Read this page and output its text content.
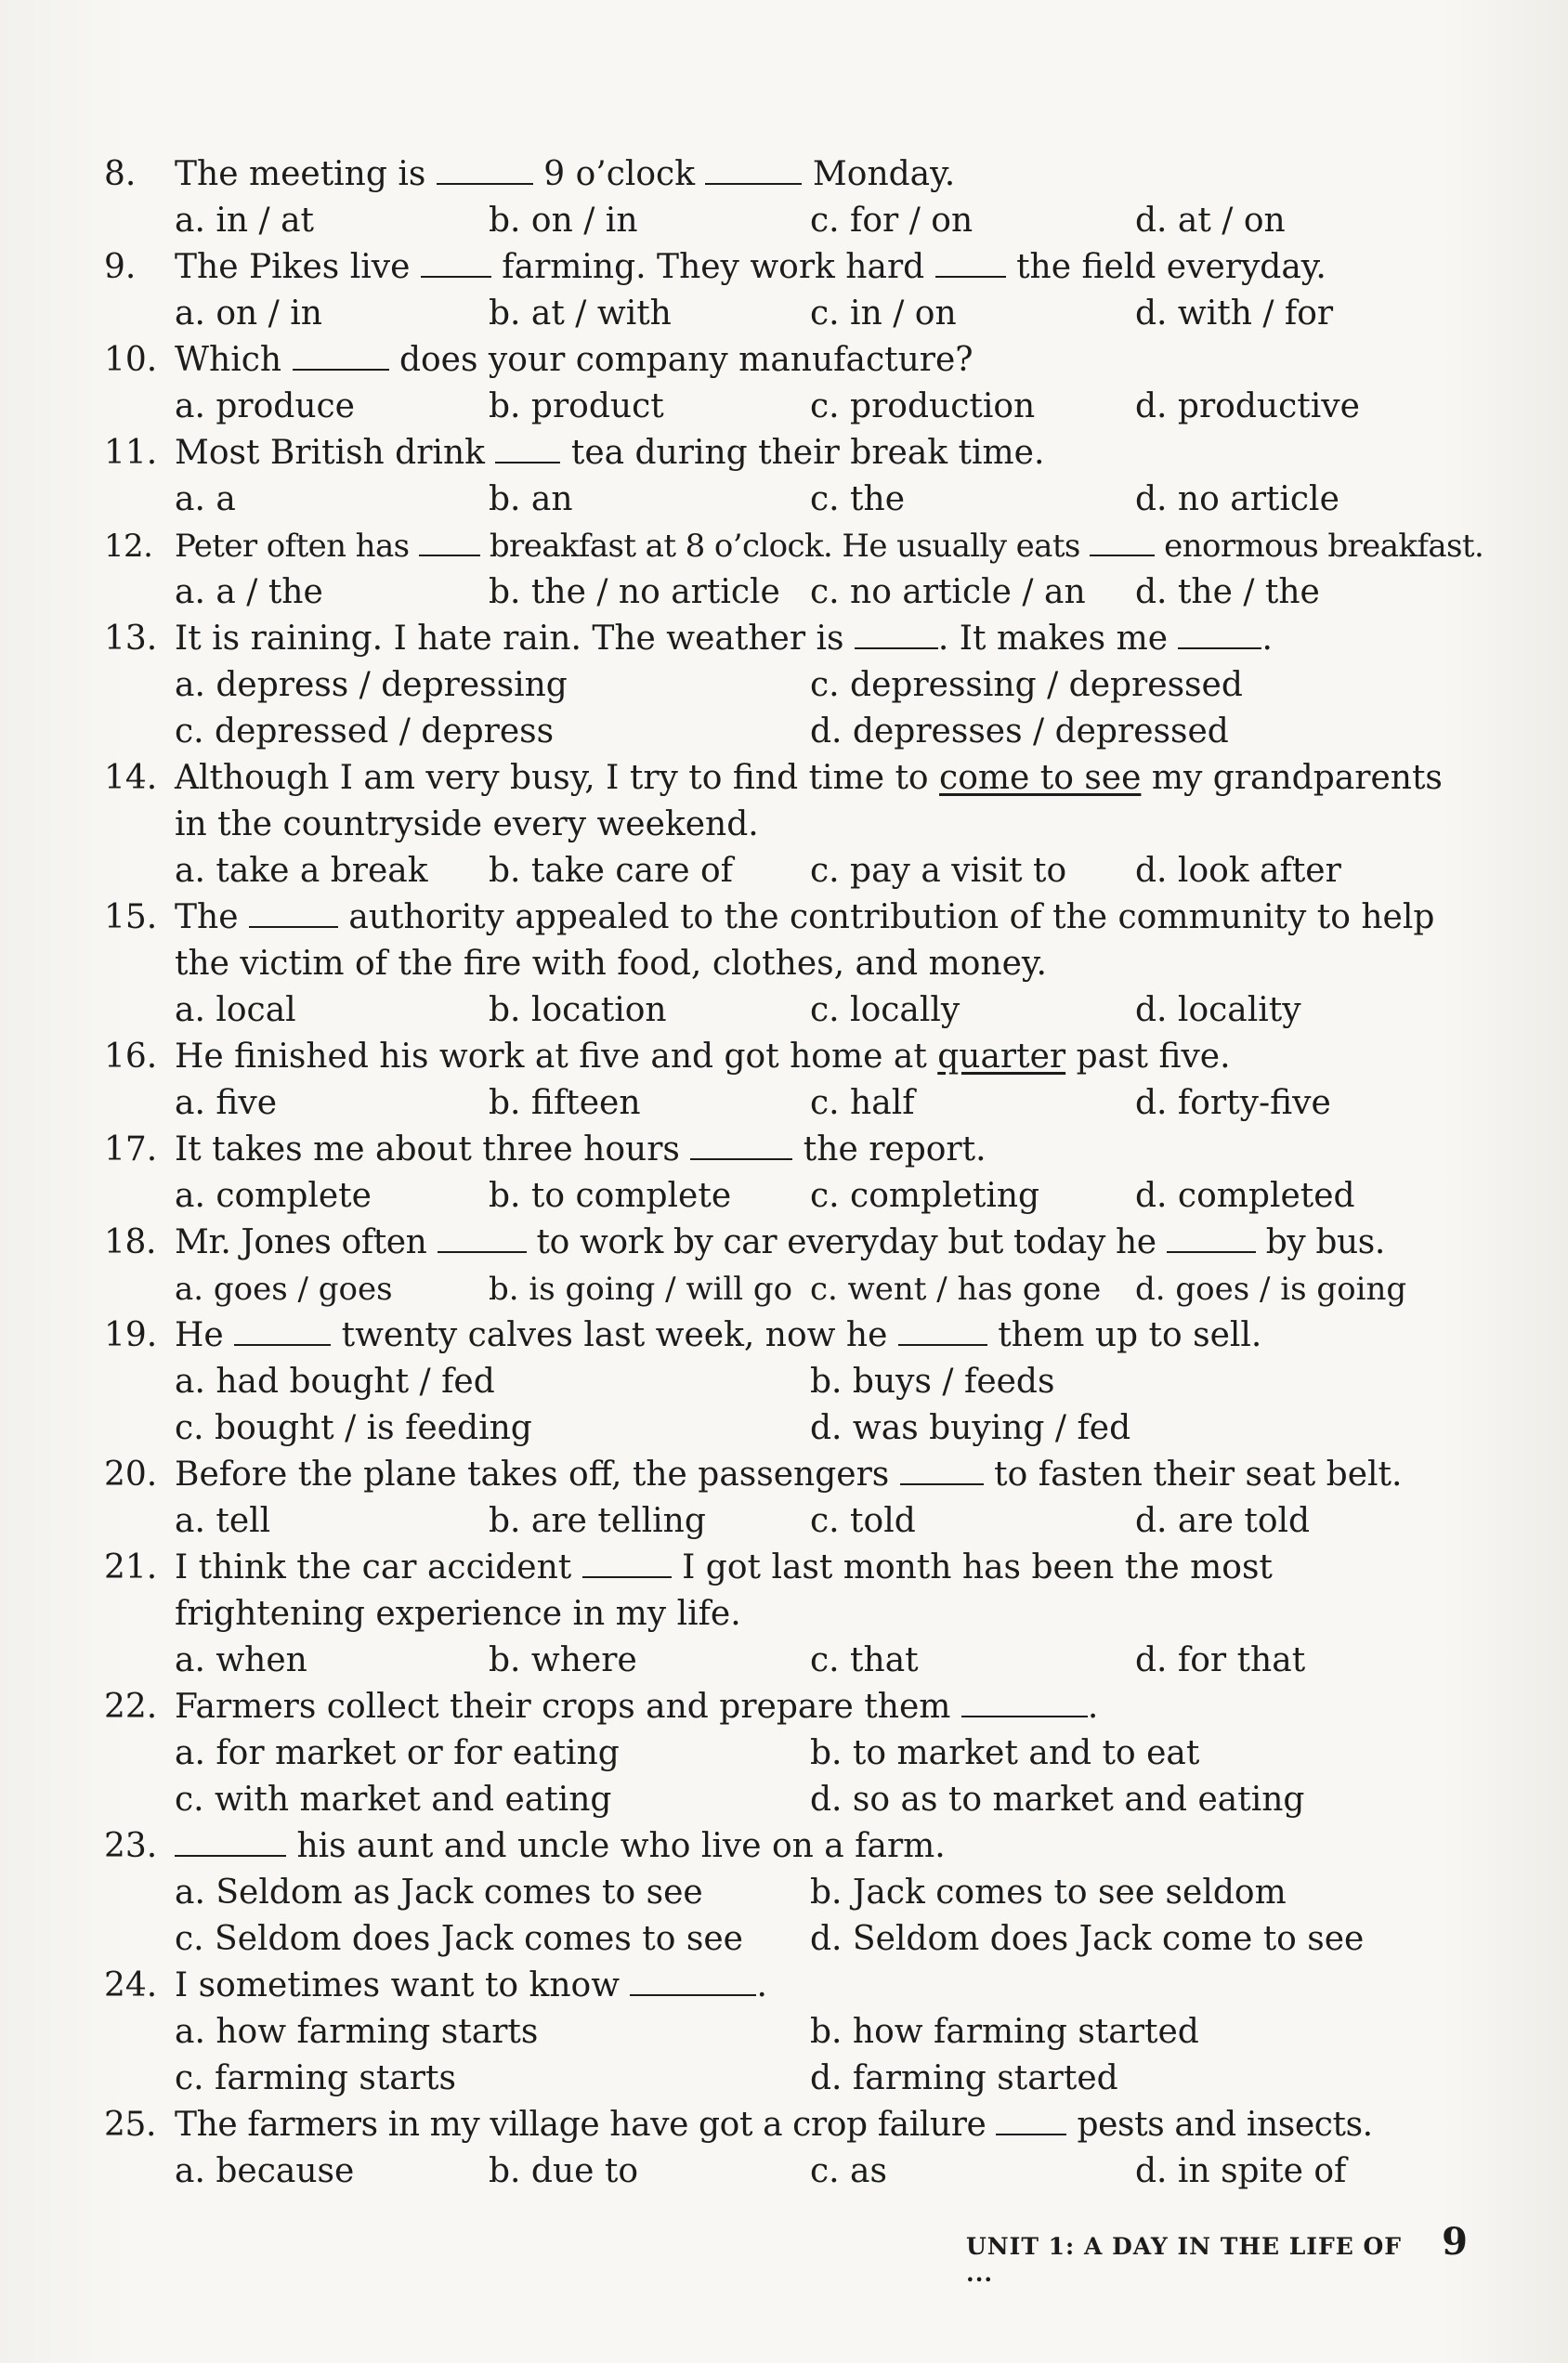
8.	The meeting is	9 o’clock	Monday.
a. in / at	b. on / in	c. for / on	d. at / on
9.	The Pikes live  farming. They work hard  the field everyday.
a. on / in	b. at / with	c. in / on	d. with / for
10. Which	does your company manufacture?
a. produce	b. product	c. production	d. productive
11. Most British drink  tea during their break time.
a. a	b. an	c. the	d. no article
12. Peter often has  breakfast at 8 o’clock. He usually eats  enormous breakfast.
a. a / the	b. the / no article c. no article / an	d. the / the
13. It is raining. I hate rain. The weather is	. It makes me	.
a. depress / depressing	c. depressing / depressed
c. depressed / depress	d. depresses / depressed
14. Although I am very busy, I try to find time to come to see my grandparents in the countryside every weekend.
a. take a break	b. take care of	c. pay a visit to	d. look after
15. The	authority appealed to the contribution of the community to help the victim of the fire with food, clothes, and money.
a. local	b. location	c. locally	d. locality
16. He finished his work at five and got home at quarter past five.
a. five	b. fifteen	c. half	d. forty-five
17. It takes me about three hours	the report.
a. complete	b. to complete	c. completing	d. completed
18. Mr. Jones often	to work by car everyday but today he	by bus.
a. goes / goes	b. is going / will go c. went / has gone	d. goes / is going
19. He	twenty calves last week, now he	them up to sell.
a. had bought / fed	b. buys / feeds
c. bought / is feeding	d. was buying / fed
20. Before the plane takes off, the passengers	to fasten their seat belt.
a. tell	b. are telling	c. told	d. are told
21. I think the car accident	I got last month has been the most frightening experience in my life.
a. when	b. where	c. that	d. for that
22. Farmers collect their crops and prepare them	.
a. for market or for eating	b. to market and to eat
c. with market and eating	d. so as to market and eating
23.	his aunt and uncle who live on a farm.
a. Seldom as Jack comes to see	b. Jack comes to see seldom
c. Seldom does Jack comes to see	d. Seldom does Jack come to see
24. I sometimes want to know	.
a. how farming starts	b. how farming started
c. farming starts	d. farming started
25. The farmers in my village have got a crop failure  pests and insects.
a. because	b. due to	c. as	d. in spite of
UNIT 1: A DAY IN THE LIFE OF ...
9
